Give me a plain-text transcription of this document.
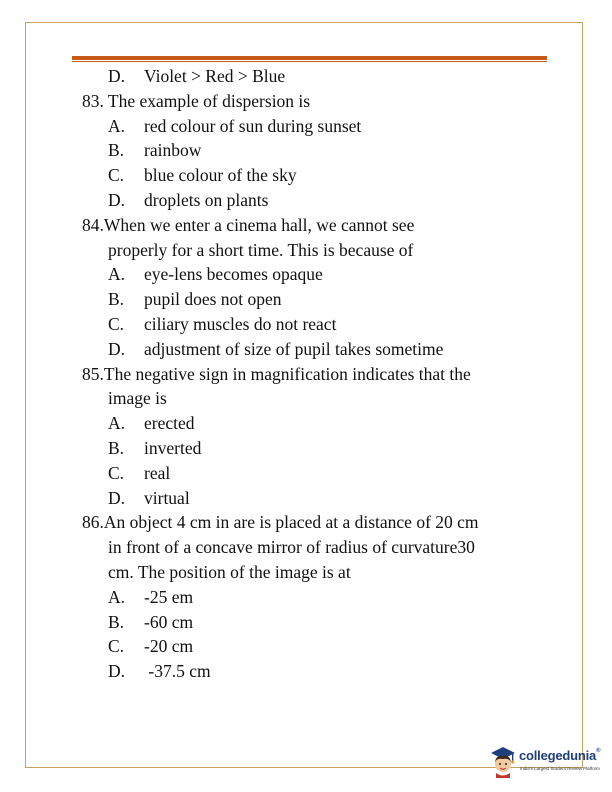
D.	Violet > Red > Blue
83. The example of dispersion is
A.	red colour of sun during sunset
B.	rainbow
C.	blue colour of the sky
D.	droplets on plants
84.When we enter a cinema hall, we cannot see
properly for a short time. This is because of
A.	eye-lens becomes opaque
B.	pupil does not open
C.	ciliary muscles do not react
D.	adjustment of size of pupil takes sometime
85.The negative sign in magnification indicates that the
image is
A.	erected
B.	inverted
C.	real
D.	virtual
86.An object 4 cm in are is placed at a distance of 20 cm
in front of a concave mirror of radius of curvature30
cm. The position of the image is at
A.	-25 em
B.	-60 cm
C.	-20 cm
D.	-37.5 cm
collegedunia®
India's Largest Student Review Platform
